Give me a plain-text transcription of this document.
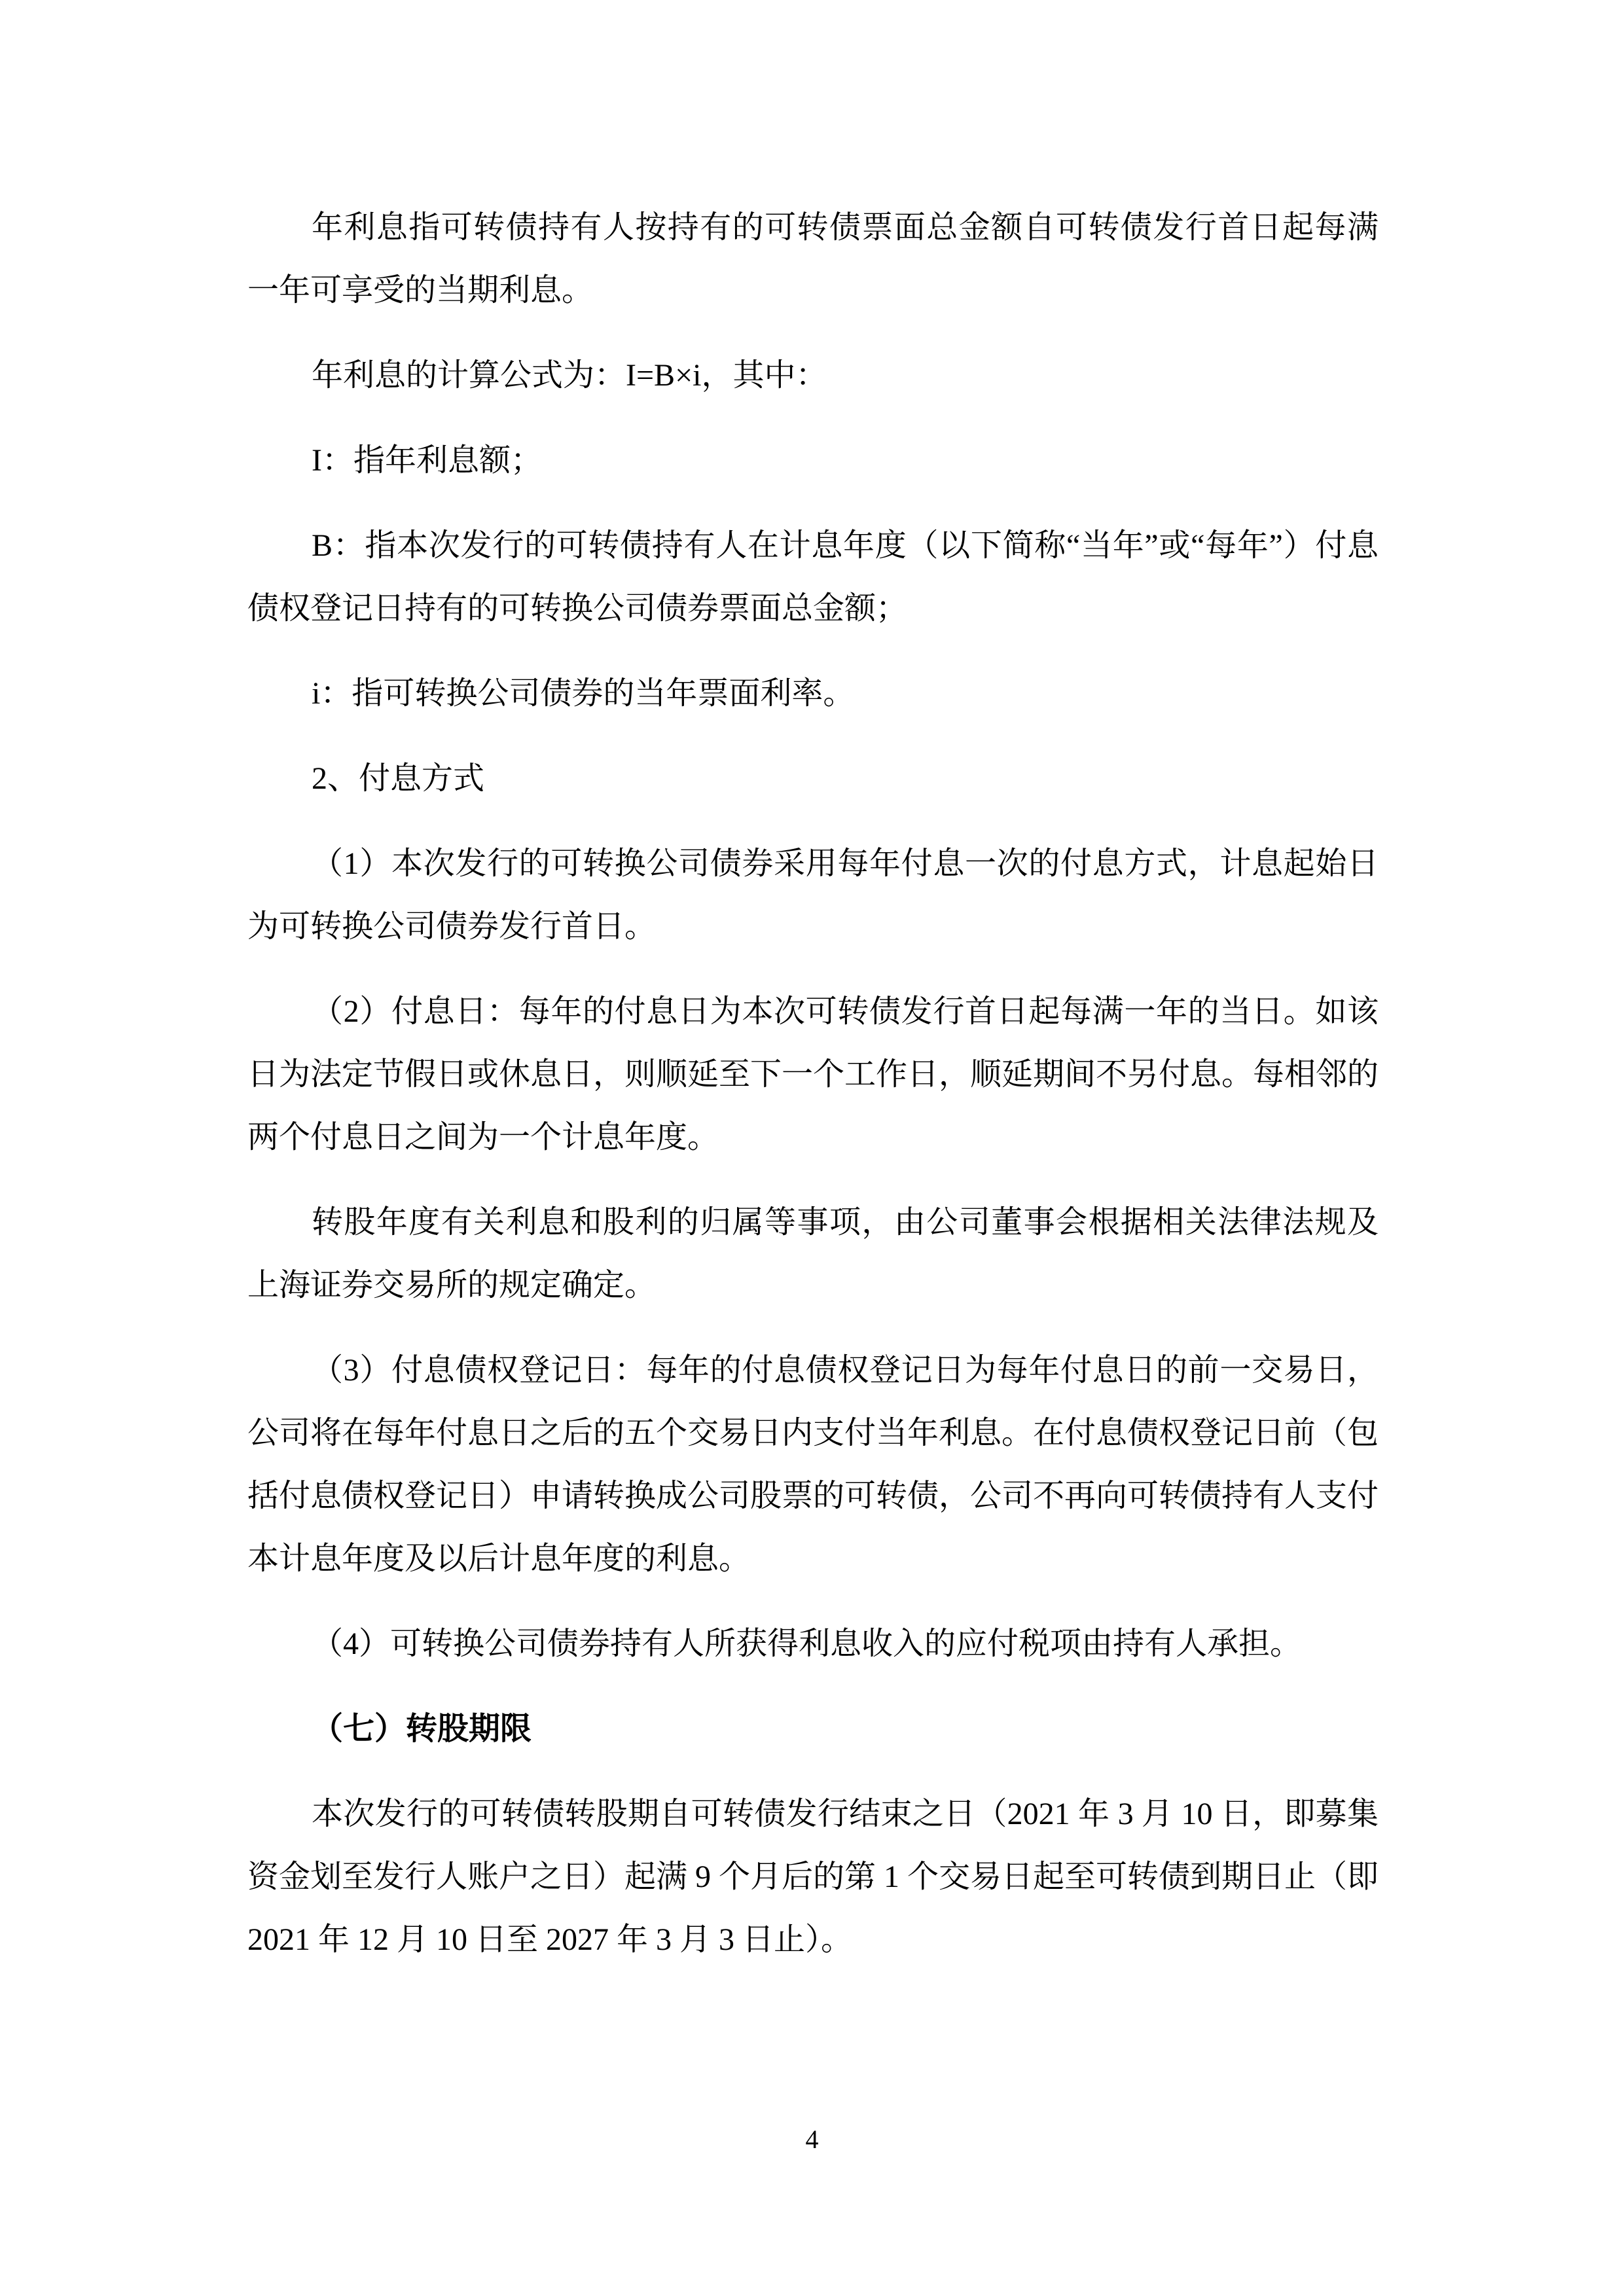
年利息指可转债持有人按持有的可转债票面总金额自可转债发行首日起每满一年可享受的当期利息。

年利息的计算公式为：I=B×i，其中：

I：指年利息额；

B：指本次发行的可转债持有人在计息年度（以下简称“当年”或“每年”）付息债权登记日持有的可转换公司债券票面总金额；

i：指可转换公司债券的当年票面利率。

2、付息方式

（1）本次发行的可转换公司债券采用每年付息一次的付息方式，计息起始日为可转换公司债券发行首日。

（2）付息日：每年的付息日为本次可转债发行首日起每满一年的当日。如该日为法定节假日或休息日，则顺延至下一个工作日，顺延期间不另付息。每相邻的两个付息日之间为一个计息年度。

转股年度有关利息和股利的归属等事项，由公司董事会根据相关法律法规及上海证券交易所的规定确定。

（3）付息债权登记日：每年的付息债权登记日为每年付息日的前一交易日，公司将在每年付息日之后的五个交易日内支付当年利息。在付息债权登记日前（包括付息债权登记日）申请转换成公司股票的可转债，公司不再向可转债持有人支付本计息年度及以后计息年度的利息。

（4）可转换公司债券持有人所获得利息收入的应付税项由持有人承担。

（七）转股期限

本次发行的可转债转股期自可转债发行结束之日（2021 年 3 月 10 日，即募集资金划至发行人账户之日）起满 9 个月后的第 1 个交易日起至可转债到期日止（即 2021 年 12 月 10 日至 2027 年 3 月 3 日止）。

4
